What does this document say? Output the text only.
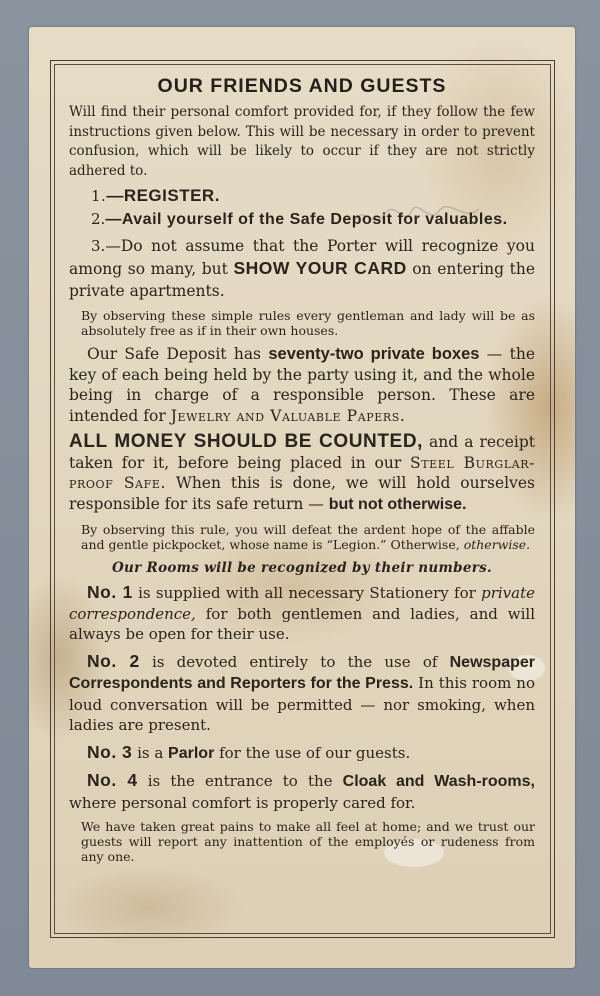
OUR FRIENDS AND GUESTS

Will find their personal comfort provided for, if they follow the few instructions given below. This will be necessary in order to prevent confusion, which will be likely to occur if they are not strictly adhered to.

1.—REGISTER.

2.—Avail yourself of the Safe Deposit for valuables.

3.—Do not assume that the Porter will recognize you among so many, but SHOW YOUR CARD on entering the private apartments.

By observing these simple rules every gentleman and lady will be as absolutely free as if in their own houses.

Our Safe Deposit has seventy-two private boxes — the key of each being held by the party using it, and the whole being in charge of a responsible person. These are intended for Jewelry and Valuable Papers.

ALL MONEY SHOULD BE COUNTED, and a receipt taken for it, before being placed in our Steel Burglar-proof Safe. When this is done, we will hold ourselves responsible for its safe return — but not otherwise.

By observing this rule, you will defeat the ardent hope of the affable and gentle pickpocket, whose name is “Legion.” Otherwise, otherwise.

Our Rooms will be recognized by their numbers.

No. 1 is supplied with all necessary Stationery for private correspondence, for both gentlemen and ladies, and will always be open for their use.

No. 2 is devoted entirely to the use of Newspaper Correspondents and Reporters for the Press. In this room no loud conversation will be permitted — nor smoking, when ladies are present.

No. 3 is a Parlor for the use of our guests.

No. 4 is the entrance to the Cloak and Wash-rooms, where personal comfort is properly cared for.

We have taken great pains to make all feel at home; and we trust our guests will report any inattention of the employés or rudeness from any one.
